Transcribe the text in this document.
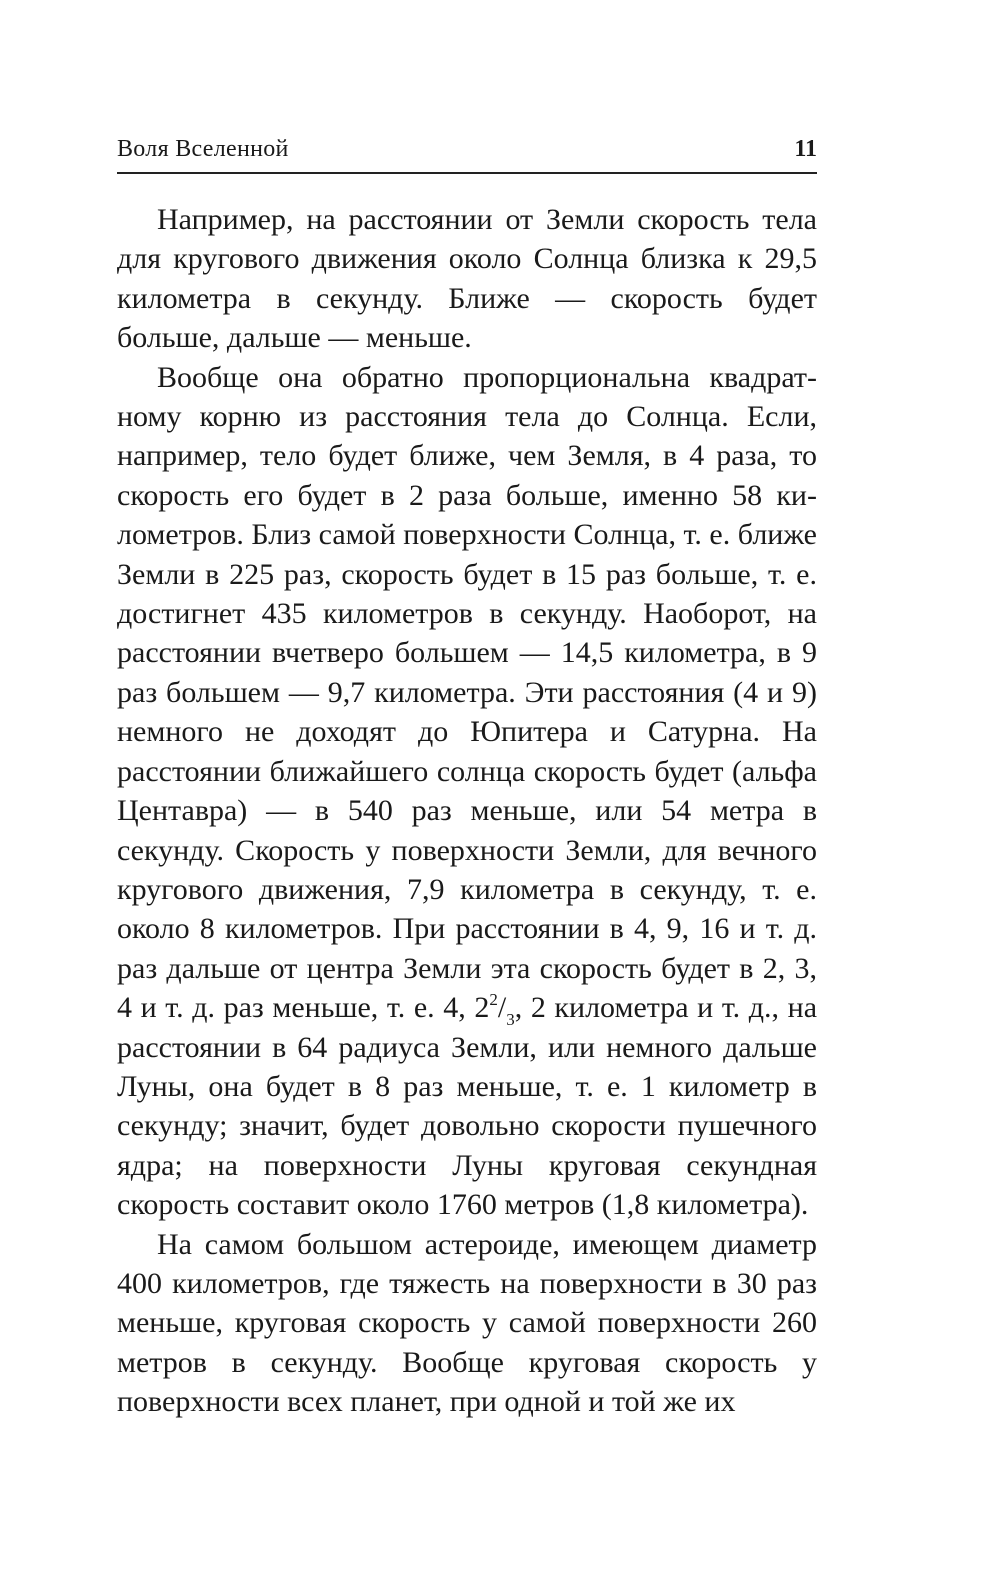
Воля Вселенной	11

Например, на расстоянии от Земли скорость тела для кругового движения около Солнца близка к 29,5 километра в секунду. Ближе — скорость будет больше, дальше — меньше.

Вообще она обратно пропорциональна квадратному корню из расстояния тела до Солнца. Если, например, тело будет ближе, чем Земля, в 4 раза, то скорость его будет в 2 раза больше, именно 58 километров. Близ самой поверхности Солнца, т. е. ближе Земли в 225 раз, скорость будет в 15 раз больше, т. е. достигнет 435 километров в секунду. Наоборот, на расстоянии вчетверо большем — 14,5 километра, в 9 раз большем — 9,7 километра. Эти расстояния (4 и 9) немного не доходят до Юпитера и Сатурна. На расстоянии ближайшего солнца скорость будет (альфа Центавра) — в 540 раз меньше, или 54 метра в секунду. Скорость у поверхности Земли, для вечного кругового движения, 7,9 километра в секунду, т. е. около 8 километров. При расстоянии в 4, 9, 16 и т. д. раз дальше от центра Земли эта скорость будет в 2, 3, 4 и т. д. раз меньше, т. е. 4, $2^2/_3$, 2 километра и т. д., на расстоянии в 64 радиуса Земли, или немного дальше Луны, она будет в 8 раз меньше, т. е. 1 километр в секунду; значит, будет довольно скорости пушечного ядра; на поверхности Луны круговая секундная скорость составит около 1760 метров (1,8 километра).

На самом большом астероиде, имеющем диаметр 400 километров, где тяжесть на поверхности в 30 раз меньше, круговая скорость у самой поверхности 260 метров в секунду. Вообще круговая скорость у поверхности всех планет, при одной и той же их
